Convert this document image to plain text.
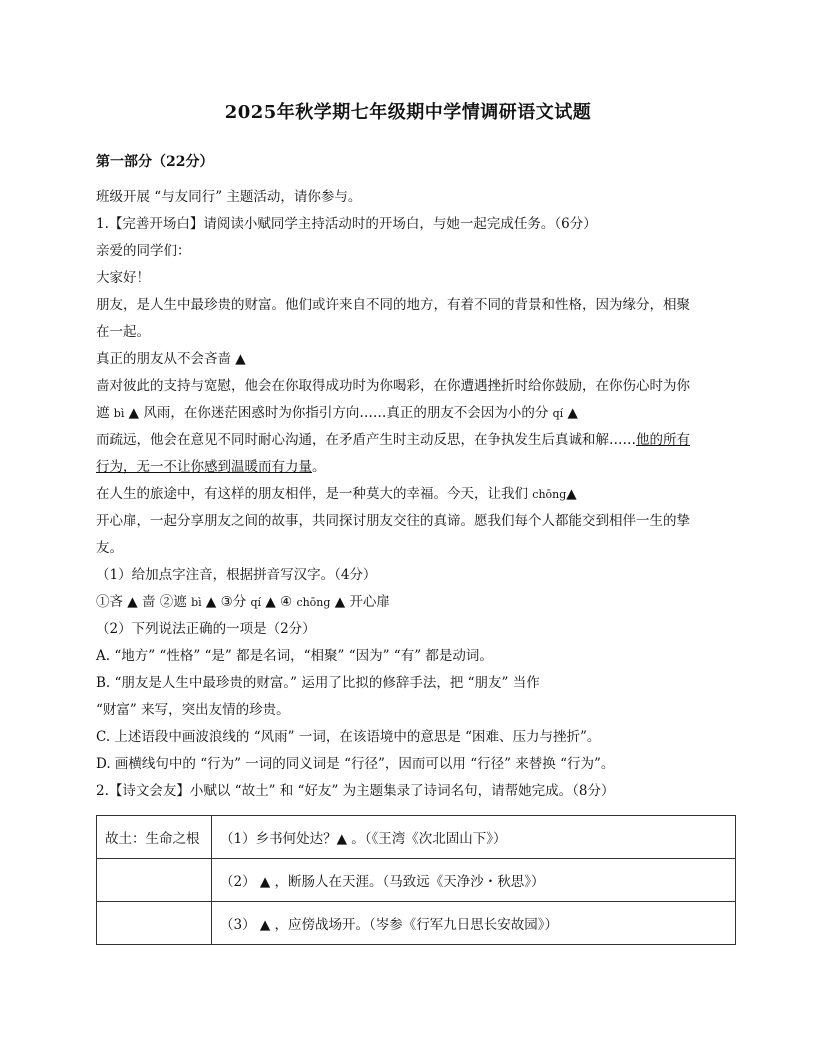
2025年秋学期七年级期中学情调研语文试题
第一部分（22分）
班级开展 “与友同行” 主题活动，请你参与。
1.【完善开场白】请阅读小赋同学主持活动时的开场白，与她一起完成任务。（6分）
亲爱的同学们：
大家好！
朋友，是人生中最珍贵的财富。他们或许来自不同的地方，有着不同的背景和性格，因为缘分，相聚
在一起。
真正的朋友从不会吝啬 ▲
啬对彼此的支持与宽慰，他会在你取得成功时为你喝彩，在你遭遇挫折时给你鼓励，在你伤心时为你
遮 bì ▲ 风雨，在你迷茫困惑时为你指引方向……真正的朋友不会因为小的分 qí ▲
而疏远，他会在意见不同时耐心沟通，在矛盾产生时主动反思，在争执发生后真诚和解……他的所有
行为，无一不让你感到温暖而有力量。
在人生的旅途中，有这样的朋友相伴，是一种莫大的幸福。今天，让我们 chōng▲
开心扉，一起分享朋友之间的故事，共同探讨朋友交往的真谛。愿我们每个人都能交到相伴一生的挚
友。
（1）给加点字注音，根据拼音写汉字。（4分）
①吝 ▲ 啬 ②遮 bì ▲ ③分 qí ▲ ④ chōng ▲ 开心扉
（2）下列说法正确的一项是（2分）
A. “地方” “性格” “是” 都是名词，“相聚” “因为” “有” 都是动词。
B. “朋友是人生中最珍贵的财富。” 运用了比拟的修辞手法，把 “朋友” 当作
“财富” 来写，突出友情的珍贵。
C. 上述语段中画波浪线的 “风雨” 一词，在该语境中的意思是 “困难、压力与挫折”。
D. 画横线句中的 “行为” 一词的同义词是 “行径”，因而可以用 “行径” 来替换 “行为”。
2.【诗文会友】小赋以 “故土” 和 “好友” 为主题集录了诗词名句，请帮她完成。（8分）
故土：生命之根	（1）乡书何处达？▲ 。（《王湾《次北固山下》）
	（2） ▲ ，断肠人在天涯。（马致远《天净沙・秋思》）
	（3） ▲ ，应傍战场开。（岑参《行军九日思长安故园》）
